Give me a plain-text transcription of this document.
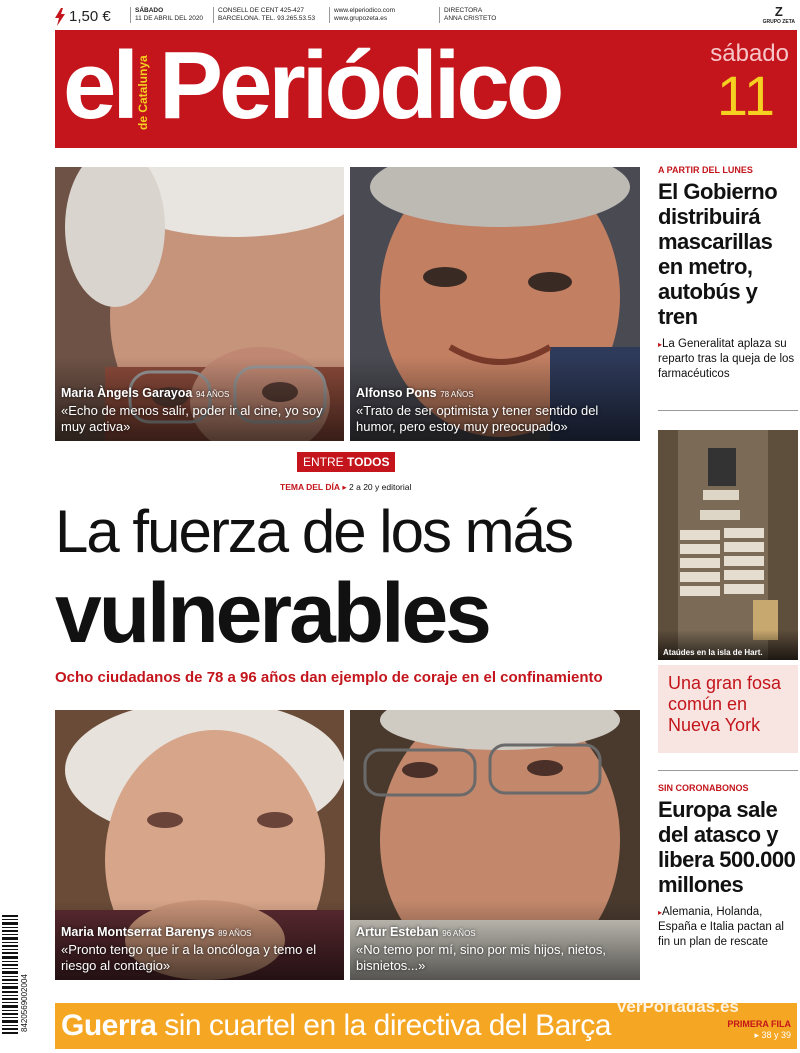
1,50 €	SÁBADO
11 DE ABRIL DEL 2020
CONSELL DE CENT 425-427
BARCELONA. TEL. 93.265.53.53
www.elperiodico.com
www.grupozeta.es
DIRECTORA
ANNA CRISTETO	Z
GRUPO ZETA
el de Catalunya Periódico	sábado
11
Maria Àngels Garayoa 94 AÑOS
«Echo de menos salir, poder ir al cine, yo soy muy activa»
Alfonso Pons 78 AÑOS
«Trato de ser optimista y tener sentido del humor, pero estoy muy preocupado»
ENTRE TODOS
TEMA DEL DÍA ▸ 2 a 20 y editorial
La fuerza de los más
vulnerables
Ocho ciudadanos de 78 a 96 años dan ejemplo de coraje en el confinamiento
Maria Montserrat Barenys 89 AÑOS
«Pronto tengo que ir a la oncóloga y temo el riesgo al contagio»
Artur Esteban 96 AÑOS
«No temo por mí, sino por mis hijos, nietos, bisnietos...»
A PARTIR DEL LUNES
El Gobierno distribuirá mascarillas en metro, autobús y tren
▸La Generalitat aplaza su reparto tras la queja de los farmacéuticos
Ataúdes en la isla de Hart.
Una gran fosa común en Nueva York
SIN CORONABONOS
Europa sale del atasco y libera 500.000 millones
▸Alemania, Holanda, España e Italia pactan al fin un plan de rescate
8420569002004 Guerra sin cuartel en la directiva del Barça	PRIMERA FILA
▸ 38 y 39
VerPortadas.es
